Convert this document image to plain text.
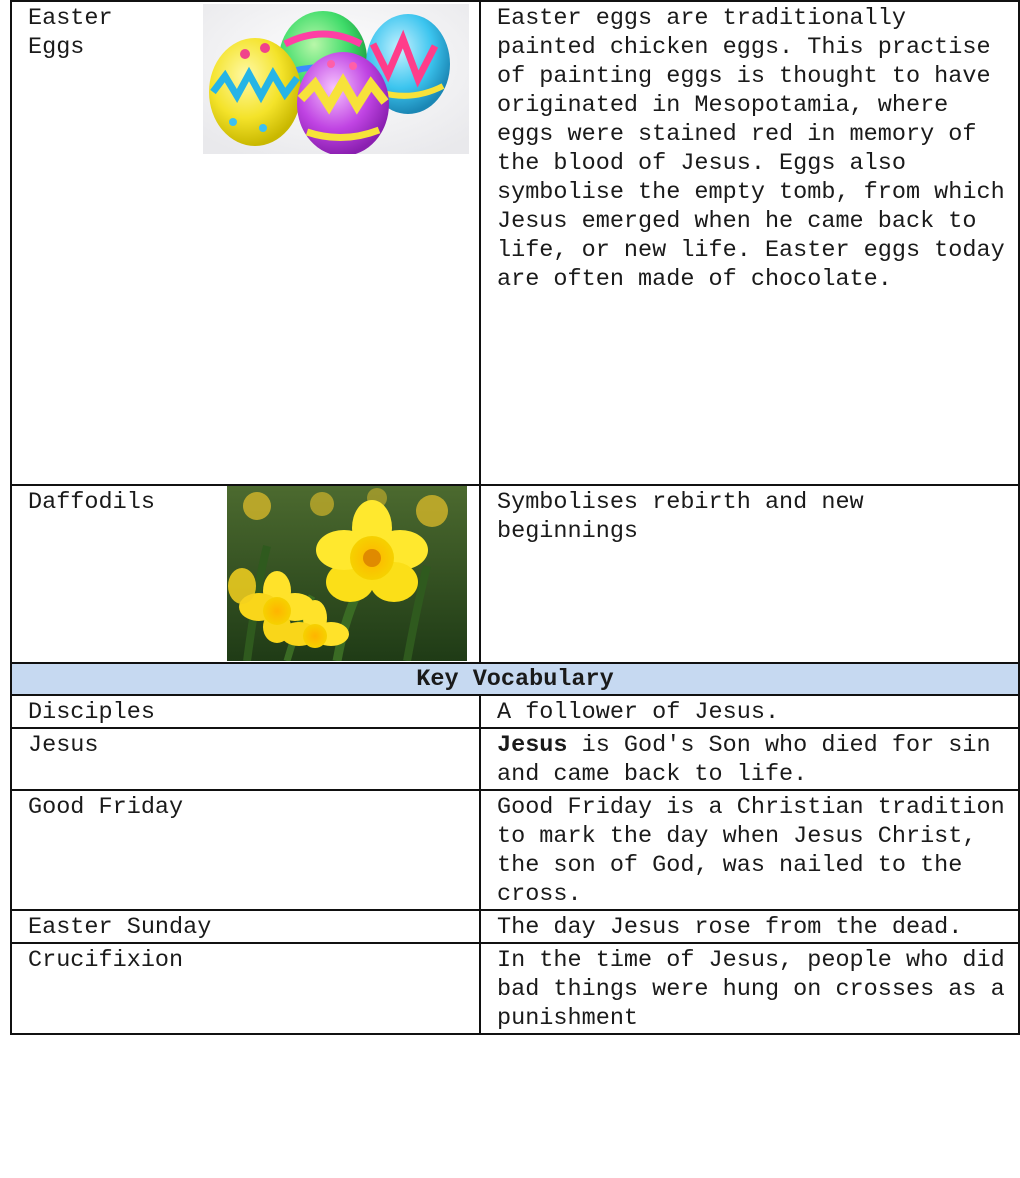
Easter Eggs		Easter eggs are traditionally painted chicken eggs. This practise of painting eggs is thought to have originated in Mesopotamia, where eggs were stained red in memory of the blood of Jesus. Eggs also symbolise the empty tomb, from which Jesus emerged when he came back to life, or new life. Easter eggs today are often made of chocolate.
Daffodils		Symbolises rebirth and new beginnings
Key Vocabulary		
Disciples		A follower of Jesus.
Jesus		Jesus is God's Son who died for sin and came back to life.
Good Friday		Good Friday is a Christian tradition to mark the day when Jesus Christ, the son of God, was nailed to the cross.
Easter Sunday		The day Jesus rose from the dead.
Crucifixion		In the time of Jesus, people who did bad things were hung on crosses as a punishment
